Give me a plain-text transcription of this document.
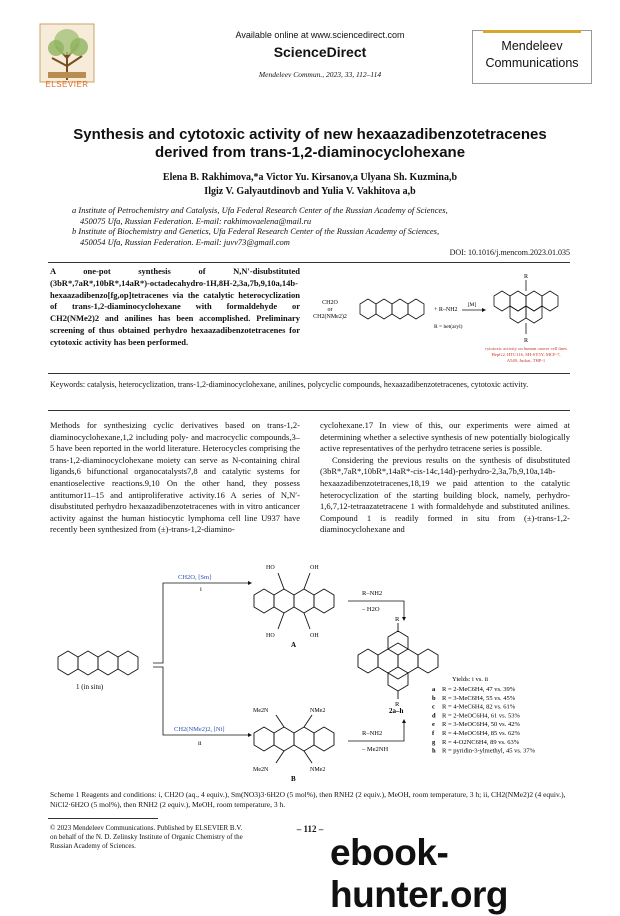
ELSEVIER
Available online at www.sciencedirect.com
ScienceDirect
Mendeleev Commun., 2023, 33, 112–114
Mendeleev
Communications
Synthesis and cytotoxic activity of new hexaazadibenzotetracenes
derived from trans-1,2-diaminocyclohexane
Elena B. Rakhimova,*a Victor Yu. Kirsanov,a Ulyana Sh. Kuzmina,b
Ilgiz V. Galyautdinovb and Yulia V. Vakhitova a,b
a Institute of Petrochemistry and Catalysis, Ufa Federal Research Center of the Russian Academy of Sciences,
450075 Ufa, Russian Federation. E-mail: rakhimovaelena@mail.ru
b Institute of Biochemistry and Genetics, Ufa Federal Research Center of the Russian Academy of Sciences,
450054 Ufa, Russian Federation. E-mail: juvv73@gmail.com
DOI: 10.1016/j.mencom.2023.01.035
A one-pot synthesis of N,N′-disubstituted (3bR*,7aR*,10bR*,14aR*)-octadecahydro-1H,8H-2,3a,7b,9,10a,14b-hexaazadibenzo[fg,op]tetracenes via the catalytic heterocyclization of trans-1,2-diaminocyclohexane with formaldehyde or CH2(NMe2)2 and anilines has been accomplished. Preliminary screening of thus obtained perhydro hexaazadibenzotetracenes for cytotoxic activity has been performed.
CH2O
or
CH2(NMe2)2
+ R–NH2
R = het(aryl)
[M]
R
R
cytotoxic activity on human cancer cell lines
HepG2, HTC116, SH-SY5Y, MCF-7,
A549, Jurkat, THP-1
Keywords: catalysis, heterocyclization, trans-1,2-diaminocyclohexane, anilines, polycyclic compounds, hexaazadibenzotetracenes, cytotoxic activity.

Methods for synthesizing cyclic derivatives based on trans-1,2-diaminocyclohexane,1,2 including poly- and macrocyclic compounds,3–5 have been reported in the world literature. Heterocycles comprising the trans-1,2-diaminocyclohexane moiety can serve as N-containing chiral ligands,6 bifunctional organocatalysts7,8 and catalytic systems for enantioselective reactions.9,10 On the other hand, they possess antitumor11–15 and antiproliferative activity.16 A series of N,N′-disubstituted perhydro hexaazadibenzotetracenes with in vitro anticancer activity against the human histiocytic lymphoma cell line U937 have recently been synthesized from (±)-trans-1,2-diamino-

cyclohexane.17 In view of this, our experiments were aimed at determining whether a selective synthesis of new potentially biologically active representatives of the perhydro tetracene series is possible.

Considering the previous results on the synthesis of disubstituted (3bR*,7aR*,10bR*,14aR*-cis-14c,14d)-perhydro-2,3a,7b,9,10a,14b-hexaazadibenzotetracenes,18,19 we paid attention to the catalytic heterocyclization of the starting building block, namely, perhydro-1,6,7,12-tetraazatetracene 1 with formaldehyde and substituted anilines. Compound 1 is readily formed in situ from (±)-trans-1,2-diaminocyclohexane and

1 (in situ)
CH2O, [Sm]
i
CH2(NMe2)2, [Ni]
ii
HO	OH
HO	OH
A
Me2N	NMe2
Me2N	NMe2
B
R–NH2
– H2O
R–NH2
– Me2NH
R
R
2a–h
Yields: i vs. ii
a R = 2-MeC6H4, 47 vs. 39%
b R = 3-MeC6H4, 55 vs. 45%
c R = 4-MeC6H4, 82 vs. 61%
d R = 2-MeOC6H4, 61 vs. 53%
e R = 3-MeOC6H4, 50 vs. 42%
f R = 4-MeOC6H4, 85 vs. 62%
g R = 4-O2NC6H4, 89 vs. 63%
h R = pyridin-3-ylmethyl, 45 vs. 37%
Scheme 1 Reagents and conditions: i, CH2O (aq., 4 equiv.), Sm(NO3)3·6H2O (5 mol%), then RNH2 (2 equiv.), MeOH, room temperature, 3 h; ii, CH2(NMe2)2 (4 equiv.), NiCl2·6H2O (5 mol%), then RNH2 (2 equiv.), MeOH, room temperature, 3 h.
© 2023 Mendeleev Communications. Published by ELSEVIER B.V.
on behalf of the N. D. Zelinsky Institute of Organic Chemistry of the
Russian Academy of Sciences.
– 112 –
ebook-hunter.org
